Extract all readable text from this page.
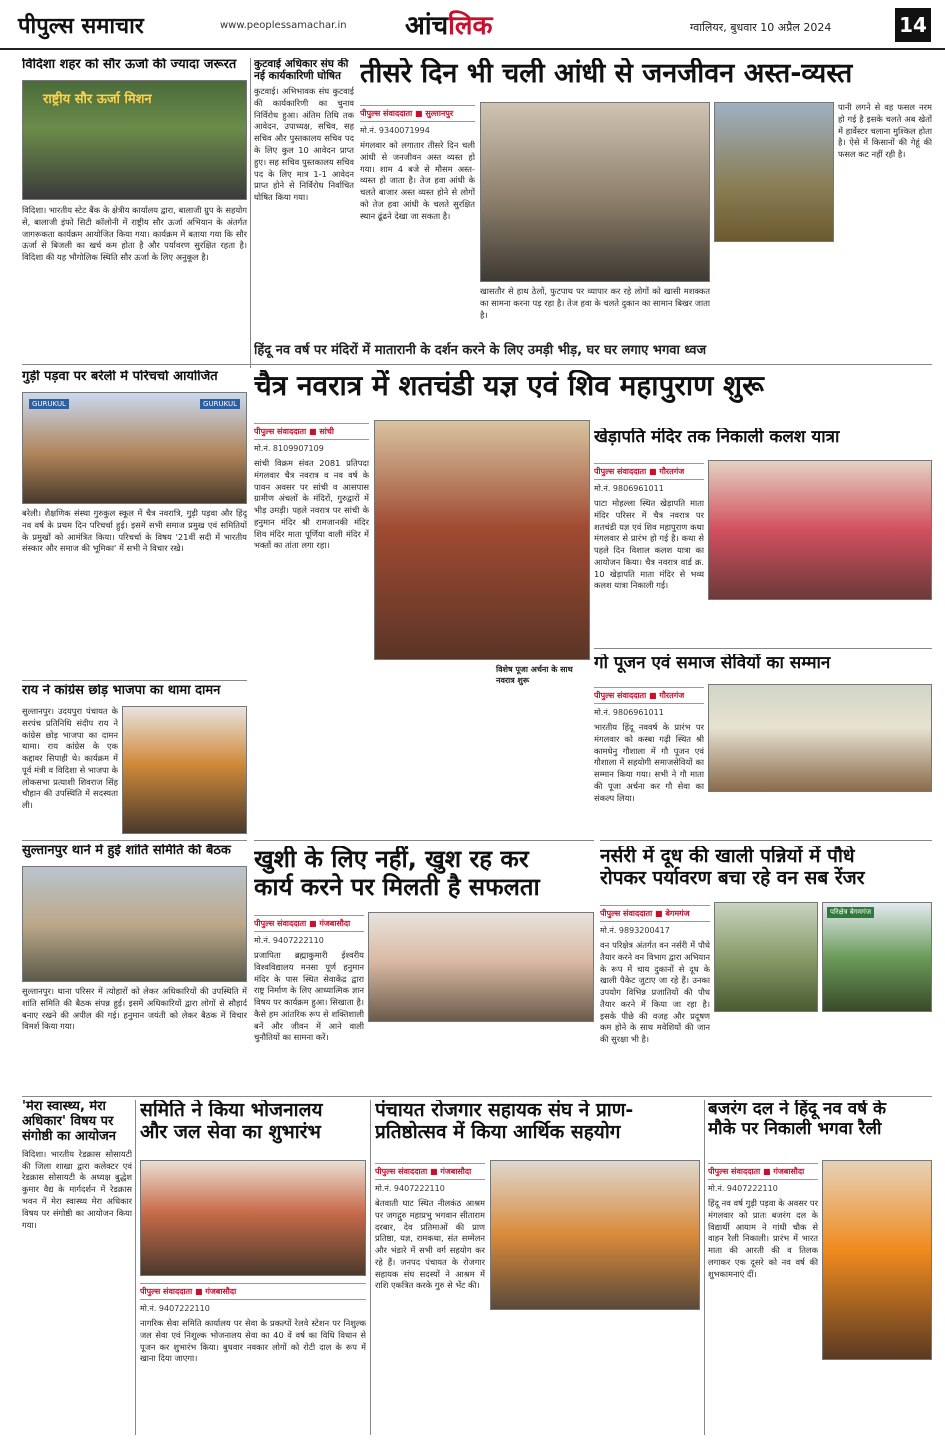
पीपुल्स समाचार	www.peoplessamachar.in आंचलिक	ग्वालियर, बुधवार 10 अप्रैल 2024	14
विदिशा शहर को सौर ऊर्जा की ज्यादा जरूरत
राष्ट्रीय सौर ऊर्जा मिशन
विदिशा। भारतीय स्टेट बैंक के क्षेत्रीय कार्यालय द्वारा, बालाजी ग्रुप के सहयोग से, बालाजी इंफो सिटी कॉलोनी में राष्ट्रीय सौर ऊर्जा अभियान के अंतर्गत जागरूकता कार्यक्रम आयोजित किया गया। कार्यक्रम में बताया गया कि सौर ऊर्जा से बिजली का खर्च कम होता है और पर्यावरण सुरक्षित रहता है। विदिशा की यह भौगोलिक स्थिति सौर ऊर्जा के लिए अनुकूल है।
कुटवाई अधिकार संघ की नई कार्यकारिणी घोषित
कुटवाई। अभिभावक संघ कुटवाई की कार्यकारिणी का चुनाव निर्विरोध हुआ। अंतिम तिथि तक आवेदन, उपाध्यक्ष, सचिव, सह सचिव और पुस्तकालय सचिव पद के लिए कुल 10 आवेदन प्राप्त हुए। सह सचिव पुस्तकालय सचिव पद के लिए मात्र 1-1 आवेदन प्राप्त होने से निर्विरोध निर्वाचित घोषित किया गया।
तीसरे दिन भी चली आंधी से जनजीवन अस्त-व्यस्त
पीपुल्स संवाददाता ■ सुल्तानपुर
मो.नं. 9340071994
मंगलवार को लगातार तीसरे दिन चली आंधी से जनजीवन अस्त व्यस्त हो गया। शाम 4 बजे से मौसम अस्त-व्यस्त हो जाता है। तेज हवा आंधी के चलते बाजार अस्त व्यस्त होने से लोगों को तेज हवा आंधी के चलते सुरक्षित स्थान ढूंढने देखा जा सकता है।
खासतौर से हाथ ठेलों, फुटपाथ पर व्यापार कर रहे लोगों को खासी मशक्कत का सामना करना पड़ रहा है। तेज हवा के चलते दुकान का सामान बिखर जाता है।
पानी लगने से वह फसल नरम हो गई है इसके चलते अब खेतों में हार्वेस्टर चलाना मुश्किल होता है। ऐसे में किसानों की गेहूं की फसल कट नहीं रही है।
हिंदू नव वर्ष पर मंदिरों में मातारानी के दर्शन करने के लिए उमड़ी भीड़, घर घर लगाए भगवा ध्वज
गुड़ी पड़वा पर बरेली में परिचर्चा आयोजित
GURUKUL	GURUKUL
बरेली। शैक्षणिक संस्था गुरुकुल स्कूल में चैत्र नवरात्रि, गुड़ी पड़वा और हिंदू नव वर्ष के प्रथम दिन परिचर्चा हुई। इसमें सभी समाज प्रमुख एवं समितियों के प्रमुखों को आमंत्रित किया। परिचर्चा के विषय '21वीं सदी में भारतीय संस्कार और समाज की भूमिका' में सभी ने विचार रखे।
चैत्र नवरात्र में शतचंडी यज्ञ एवं शिव महापुराण शुरू
पीपुल्स संवाददाता ■ सांची
मो.नं. 8109907109
सांची विक्रम संवत 2081 प्रतिपदा मंगलवार चैत्र नवरात्र व नव वर्ष के पावन अवसर पर सांची व आसपास ग्रामीण अंचलों के मंदिरों, गुरुद्वारों में भीड़ उमड़ी। पहले नवरात्र पर सांची के हनुमान मंदिर श्री रामजानकी मंदिर शिव मंदिर माता पूर्णिया वाली मंदिर में भक्तों का तांता लगा रहा।
विशेष पूजा अर्चना के साथ नवरात्र शुरू
खेड़ापति मंदिर तक निकाली कलश यात्रा
पीपुल्स संवाददाता ■ गौरतगंज
मो.नं. 9806961011
पाटा मोहल्ला स्थित खेड़ापति माता मंदिर परिसर में चैत्र नवरात्र पर शतचंडी यज्ञ एवं शिव महापुराण कथा मंगलवार से प्रारंभ हो गई है। कथा से पहले दिन विशाल कलश यात्रा का आयोजन किया। चैत्र नवरात्र वार्ड क्र. 10 खेड़ापति माता मंदिर से भव्य कलश यात्रा निकाली गई।
गो पूजन एवं समाज सेवियों का सम्मान
पीपुल्स संवाददाता ■ गौरतगंज
मो.नं. 9806961011
भारतीय हिंदू नववर्ष के प्रारंभ पर मंगलवार को कस्बा गढ़ी स्थित श्री कामधेनु गौशाला में गौ पूजन एवं गौशाला में सहयोगी समाजसेवियों का सम्मान किया गया। सभी ने गौ माता की पूजा अर्चना कर गौ सेवा का संकल्प लिया।
राय ने कांग्रेस छोड़ भाजपा का थामा दामन
सुल्तानपुर। उदयपुरा पंचायत के सरपंच प्रतिनिधि संदीप राय ने कांग्रेस छोड़ भाजपा का दामन थामा। राय कांग्रेस के एक कद्दावर सिपाही थे। कार्यक्रम में पूर्व मंत्री व विदिशा से भाजपा के लोकसभा प्रत्याशी शिवराज सिंह चौहान की उपस्थिति में सदस्यता ली।
सुल्तानपुर थाने में हुई शांति समिति की बैठक
सुल्तानपुर। थाना परिसर में त्योहारों को लेकर अधिकारियों की उपस्थिति में शांति समिति की बैठक संपन्न हुई। इसमें अधिकारियों द्वारा लोगों से सौहार्द बनाए रखने की अपील की गई। हनुमान जयंती को लेकर बैठक में विचार विमर्श किया गया।
खुशी के लिए नहीं, खुश रह कर
कार्य करने पर मिलती है सफलता
पीपुल्स संवाददाता ■ गंजबासौदा
मो.नं. 9407222110
प्रजापिता ब्रह्माकुमारी ईश्वरीय विश्वविद्यालय मनसा पूर्ण हनुमान मंदिर के पास स्थित सेवाकेंद्र द्वारा राष्ट्र निर्माण के लिए आध्यात्मिक ज्ञान विषय पर कार्यक्रम हुआ। सिखाता है। कैसे हम आंतरिक रूप से शक्तिशाली बनें और जीवन में आने वाली चुनौतियों का सामना करें।
नर्सरी में दूध की खाली पन्नियों में पौधे
रोपकर पर्यावरण बचा रहे वन सब रेंजर
पीपुल्स संवाददाता ■ बेगमगंज
मो.नं. 9893200417
वन परिक्षेत्र अंतर्गत वन नर्सरी में पौधे तैयार करने वन विभाग द्वारा अभियान के रूप में चाय दुकानों से दूध के खाली पैकेट जुटाए जा रहे हैं। उनका उपयोग विभिन्न प्रजातियों की पौध तैयार करने में किया जा रहा है। इसके पीछे की वजह और प्रदूषण कम होने के साथ मवेशियों की जान की सुरक्षा भी है।
परिक्षेत्र बेगमगंज
'मेरा स्वास्थ्य, मेरा अधिकार' विषय पर संगोष्ठी का आयोजन
विदिशा। भारतीय रेडक्रास सोसायटी की जिला शाखा द्वारा कलेक्टर एवं रेडक्रास सोसायटी के अध्यक्ष बुद्धेश कुमार वैद्य के मार्गदर्शन में रेडक्रास भवन में मेरा स्वास्थ्य मेरा अधिकार विषय पर संगोष्ठी का आयोजन किया गया।
समिति ने किया भोजनालय
और जल सेवा का शुभारंभ
पीपुल्स संवाददाता ■ गंजबासौदा
मो.नं. 9407222110
नागरिक सेवा समिति कार्यालय पर सेवा के प्रकल्पों रेलवे स्टेशन पर निशुल्क जल सेवा एवं निशुल्क भोजनालय सेवा का 40 वें वर्ष का विधि विधान से पूजन कर शुभारंभ किया। बुधवार नवकार लोगों को रोटी दाल के रूप में खाना दिया जाएगा।
पंचायत रोजगार सहायक संघ ने प्राण-
प्रतिष्ठोत्सव में किया आर्थिक सहयोग
पीपुल्स संवाददाता ■ गंजबासौदा
मो.नं. 9407222110
बेतवाती घाट स्थित नीलकंठ आश्रम पर जगद्गुरु महाप्रभु भगवान सीताराम दरबार, देव प्रतिमाओं की प्राण प्रतिष्ठा, यज्ञ, रामकथा, संत सम्मेलन और भंडारे में सभी वर्ग सहयोग कर रहे हैं। जनपद पंचायत के रोजगार सहायक संघ सदस्यों ने आश्रम में राशि एकत्रित करके गुरु से भेंट की।
बजरंग दल ने हिंदू नव वर्ष के
मौके पर निकाली भगवा रैली
पीपुल्स संवाददाता ■ गंजबासौदा
मो.नं. 9407222110
हिंदू नव वर्ष गुड़ी पड़वा के अवसर पर मंगलवार को प्रातः बजरंग दल के विद्यार्थी आयाम ने गांधी चौक से वाहन रैली निकाली। प्रारंभ में भारत माता की आरती की व तिलक लगाकर एक दूसरे को नव वर्ष की शुभकामनाएं दीं।
